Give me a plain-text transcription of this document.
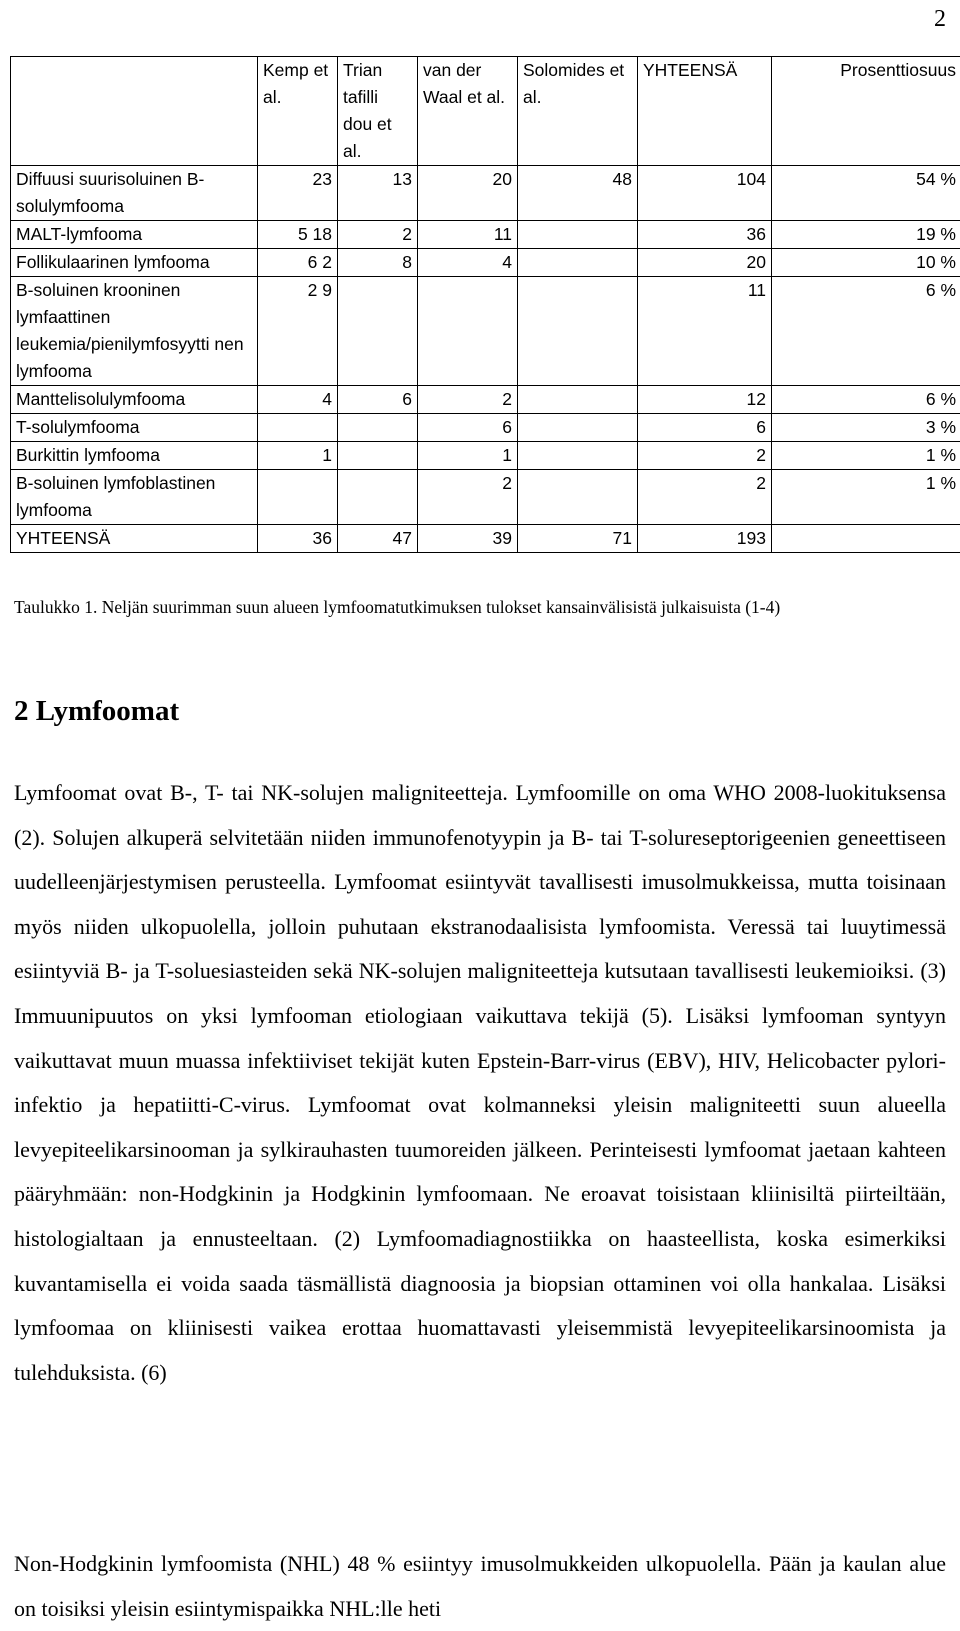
2
	Kemp et al.	Trian tafilli dou et al.	van der Waal et al.	Solomides et al.	YHTEENSÄ	Prosenttiosuus
Diffuusi suurisoluinen B-solulymfooma	23	13	20	48	104	54 %
MALT-lymfooma	5 18	2	11		36	19 %
Follikulaarinen lymfooma	6 2	8	4		20	10 %
B-soluinen krooninen lymfaattinen leukemia/pienilymfosyytti nen lymfooma	2 9				11	6 %
Manttelisolulymfooma	4	6	2		12	6 %
T-solulymfooma			6		6	3 %
Burkittin lymfooma	1		1		2	1 %
B-soluinen lymfoblastinen lymfooma			2		2	1 %
YHTEENSÄ	36	47	39	71	193	
Taulukko 1. Neljän suurimman suun alueen lymfoomatutkimuksen tulokset kansainvälisistä julkaisuista (1-4)
2 Lymfoomat

Lymfoomat ovat B-, T- tai NK-solujen maligniteetteja. Lymfoomille on oma WHO 2008-luokituksensa (2). Solujen alkuperä selvitetään niiden immunofenotyypin ja B- tai T-solureseptorigeenien geneettiseen uudelleenjärjestymisen perusteella. Lymfoomat esiintyvät tavallisesti imusolmukkeissa, mutta toisinaan myös niiden ulkopuolella, jolloin puhutaan ekstranodaalisista lymfoomista. Veressä tai luuytimessä esiintyviä B- ja T-soluesiasteiden sekä NK-solujen maligniteetteja kutsutaan tavallisesti leukemioiksi. (3) Immuunipuutos on yksi lymfooman etiologiaan vaikuttava tekijä (5). Lisäksi lymfooman syntyyn vaikuttavat muun muassa infektiiviset tekijät kuten Epstein-Barr-virus (EBV), HIV, Helicobacter pylori-infektio ja hepatiitti-C-virus. Lymfoomat ovat kolmanneksi yleisin maligniteetti suun alueella levyepiteelikarsinooman ja sylkirauhasten tuumoreiden jälkeen. Perinteisesti lymfoomat jaetaan kahteen pääryhmään: non-Hodgkinin ja Hodgkinin lymfoomaan. Ne eroavat toisistaan kliinisiltä piirteiltään, histologialtaan ja ennusteeltaan. (2) Lymfoomadiagnostiikka on haasteellista, koska esimerkiksi kuvantamisella ei voida saada täsmällistä diagnoosia ja biopsian ottaminen voi olla hankalaa. Lisäksi lymfoomaa on kliinisesti vaikea erottaa huomattavasti yleisemmistä levyepiteelikarsinoomista ja tulehduksista. (6)

Non-Hodgkinin lymfoomista (NHL) 48 % esiintyy imusolmukkeiden ulkopuolella. Pään ja kaulan alue on toisiksi yleisin esiintymispaikka NHL:lle heti
